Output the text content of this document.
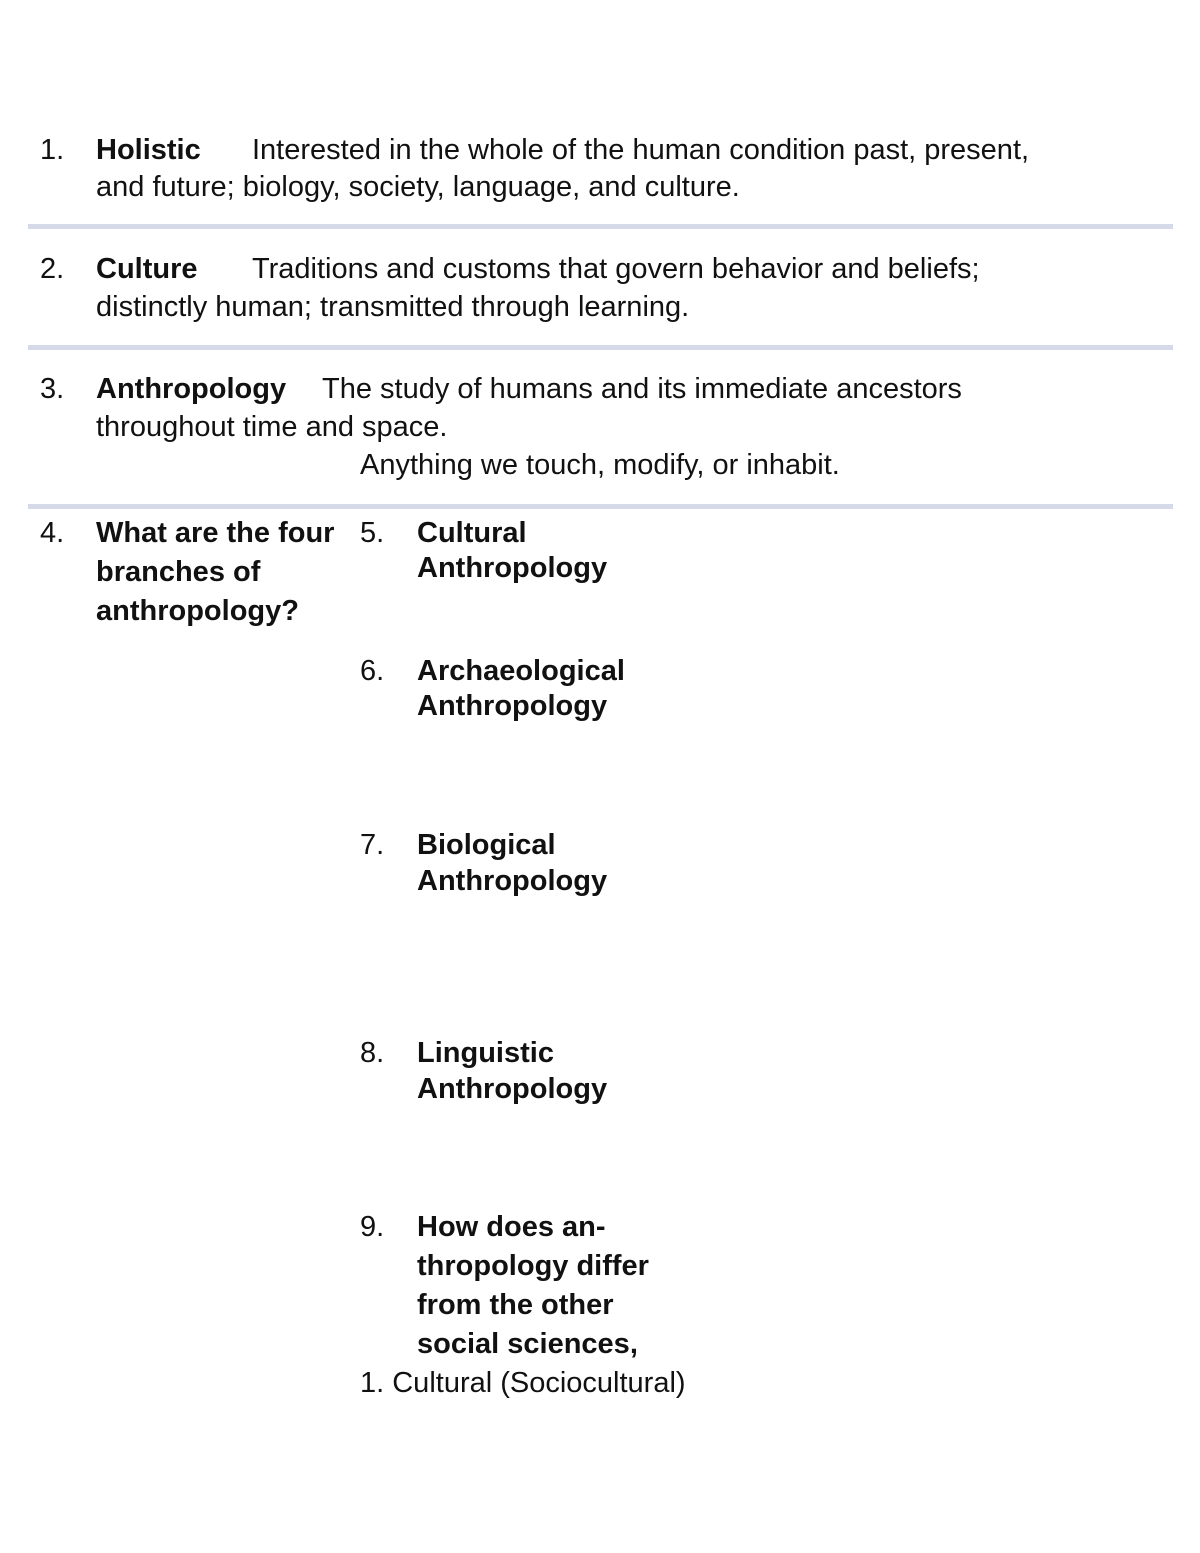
1. Holistic Interested in the whole of the human condition past, present,
and future; biology, society, language, and culture.
2. Culture Traditions and customs that govern behavior and beliefs;
distinctly human; transmitted through learning.
3. Anthropology The study of humans and its immediate ancestors
throughout time and space.
Anything we touch, modify, or inhabit.
4. What are the four
branches of
anthropology?
5. Cultural
Anthropology
6. Archaeological
Anthropology
7. Biological
Anthropology
8. Linguistic
Anthropology
9. How does an-
thropology differ
from the other
social sciences,
1. Cultural (Sociocultural)
